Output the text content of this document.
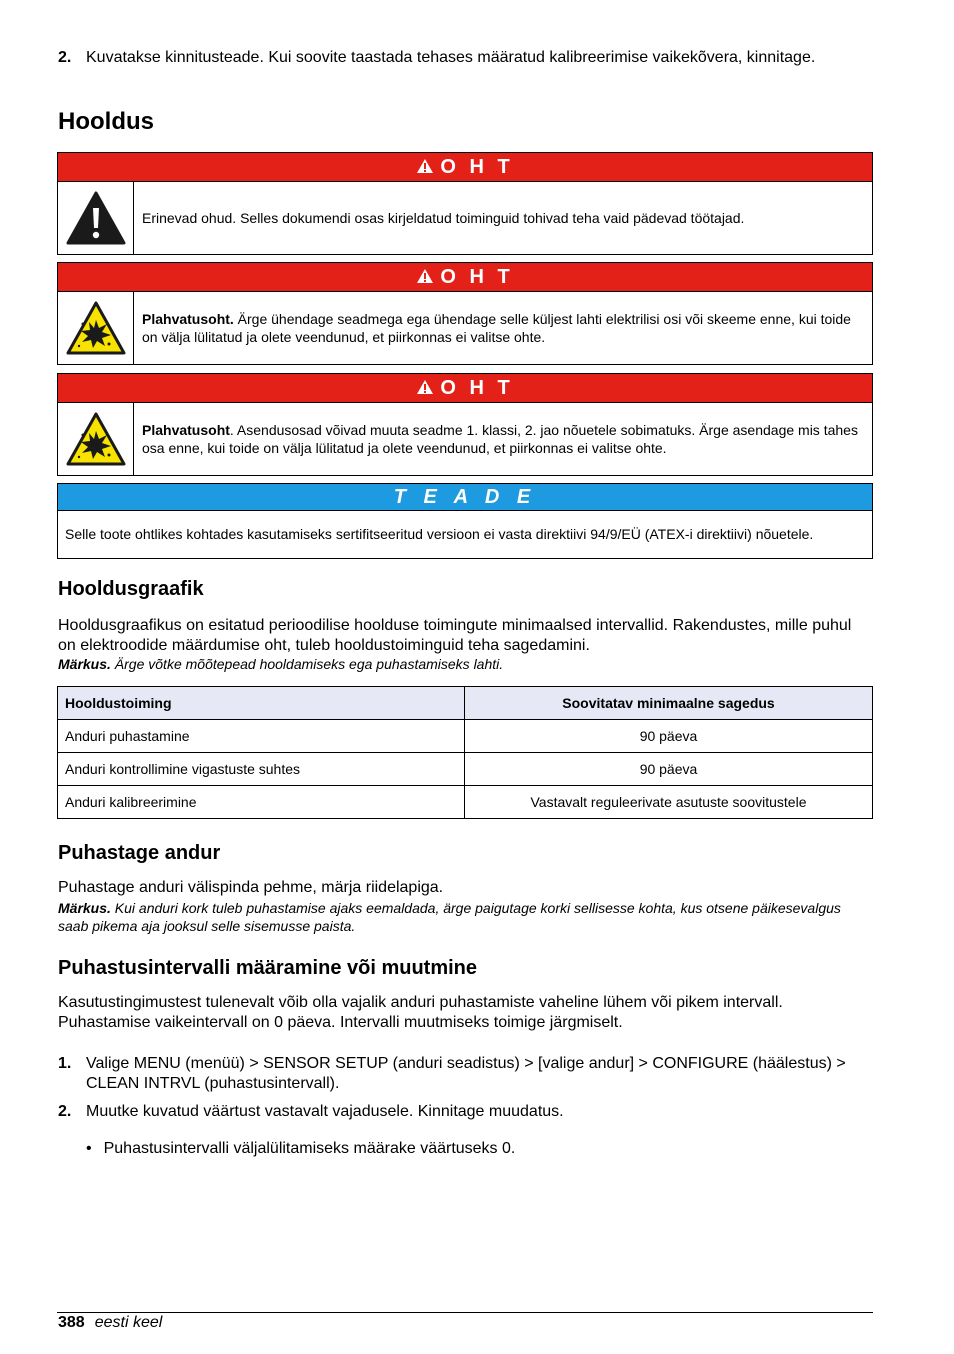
2. Kuvatakse kinnitusteade. Kui soovite taastada tehases määratud kalibreerimise vaikekõvera, kinnitage.
Hooldus
O H T
Erinevad ohud. Selles dokumendi osas kirjeldatud toiminguid tohivad teha vaid pädevad töötajad.
O H T
Plahvatusoht. Ärge ühendage seadmega ega ühendage selle küljest lahti elektrilisi osi või skeeme enne, kui toide on välja lülitatud ja olete veendunud, et piirkonnas ei valitse ohte.
O H T
Plahvatusoht. Asendusosad võivad muuta seadme 1. klassi, 2. jao nõuetele sobimatuks. Ärge asendage mis tahes osa enne, kui toide on välja lülitatud ja olete veendunud, et piirkonnas ei valitse ohte.
T E A D E
Selle toote ohtlikes kohtades kasutamiseks sertifitseeritud versioon ei vasta direktiivi 94/9/EÜ (ATEX-i direktiivi) nõuetele.
Hooldusgraafik

Hooldusgraafikus on esitatud perioodilise hoolduse toimingute minimaalsed intervallid. Rakendustes, mille puhul on elektroodide määrdumise oht, tuleb hooldustoiminguid teha sagedamini.

Märkus. Ärge võtke mõõtepead hooldamiseks ega puhastamiseks lahti.

Hooldustoiming	Soovitatav minimaalne sagedus
Anduri puhastamine	90 päeva
Anduri kontrollimine vigastuste suhtes	90 päeva
Anduri kalibreerimine	Vastavalt reguleerivate asutuste soovitustele
Puhastage andur

Puhastage anduri välispinda pehme, märja riidelapiga.

Märkus. Kui anduri kork tuleb puhastamise ajaks eemaldada, ärge paigutage korki sellisesse kohta, kus otsene päikesevalgus saab pikema aja jooksul selle sisemusse paista.

Puhastusintervalli määramine või muutmine

Kasutustingimustest tulenevalt võib olla vajalik anduri puhastamiste vaheline lühem või pikem intervall. Puhastamise vaikeintervall on 0 päeva. Intervalli muutmiseks toimige järgmiselt.

1. Valige MENU (menüü) > SENSOR SETUP (anduri seadistus) > [valige andur] > CONFIGURE (häälestus) > CLEAN INTRVL (puhastusintervall).
2. Muutke kuvatud väärtust vastavalt vajadusele. Kinnitage muudatus.
• Puhastusintervalli väljalülitamiseks määrake väärtuseks 0.
388 eesti keel
